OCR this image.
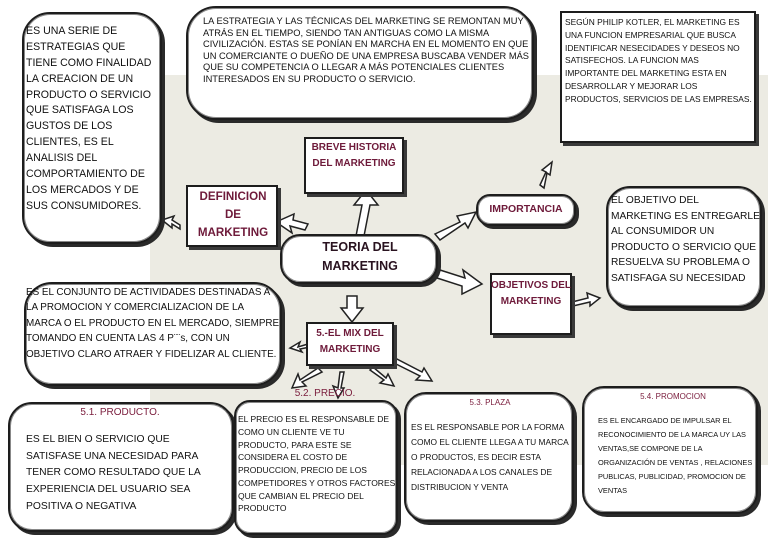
ES UNA SERIE DE ESTRATEGIAS QUE TIENE COMO FINALIDAD LA CREACION DE UN PRODUCTO O SERVICIO QUE SATISFAGA LOS GUSTOS DE LOS CLIENTES, ES EL ANALISIS DEL COMPORTAMIENTO DE LOS MERCADOS Y DE SUS CONSUMIDORES.

LA ESTRATEGIA Y LAS TÉCNICAS DEL MARKETING SE REMONTAN MUY ATRÁS EN EL TIEMPO, SIENDO TAN ANTIGUAS COMO LA MISMA CIVILIZACIÓN. ESTAS SE PONÍAN EN MARCHA EN EL MOMENTO EN QUE UN COMERCIANTE O DUEÑO DE UNA EMPRESA BUSCABA VENDER MÁS QUE SU COMPETENCIA O LLEGAR A MÁS POTENCIALES CLIENTES INTERESADOS EN SU PRODUCTO O SERVICIO.

SEGÚN PHILIP KOTLER, EL MARKETING ES UNA FUNCION EMPRESARIAL QUE BUSCA IDENTIFICAR NESECIDADES Y DESEOS NO SATISFECHOS. LA FUNCION MAS IMPORTANTE DEL MARKETING ESTA EN DESARROLLAR Y MEJORAR LOS PRODUCTOS, SERVICIOS DE LAS EMPRESAS.

BREVE HISTORIA DEL MARKETING

DEFINICION DE MARKETING

TEORIA DEL MARKETING

IMPORTANCIA

EL OBJETIVO DEL MARKETING ES ENTREGARLE AL CONSUMIDOR UN PRODUCTO O SERVICIO QUE RESUELVA SU PROBLEMA O SATISFAGA SU NECESIDAD

OBJETIVOS DEL MARKETING

ES EL CONJUNTO DE ACTIVIDADES DESTINADAS A LA PROMOCION Y COMERCIALIZACION DE LA MARCA O EL PRODUCTO EN EL MERCADO, SIEMPRE TOMANDO EN CUENTA LAS 4 P¨¨s, CON UN OBJETIVO CLARO ATRAER Y FIDELIZAR AL CLIENTE.

5.-EL MIX DEL MARKETING

5.1. PRODUCTO.

ES EL BIEN O SERVICIO QUE SATISFASE UNA NECESIDAD PARA TENER COMO RESULTADO QUE LA EXPERIENCIA DEL USUARIO SEA POSITIVA O NEGATIVA

5.2. PRECIO.

EL PRECIO ES EL RESPONSABLE DE COMO UN CLIENTE VE TU PRODUCTO, PARA ESTE SE CONSIDERA EL COSTO DE PRODUCCION, PRECIO DE LOS COMPETIDORES Y OTROS FACTORES QUE CAMBIAN EL PRECIO DEL PRODUCTO

5.3. PLAZA

ES EL RESPONSABLE POR LA FORMA COMO EL CLIENTE LLEGA A TU MARCA O PRODUCTOS, ES DECIR ESTA RELACIONADA A LOS CANALES DE DISTRIBUCION Y VENTA

5.4. PROMOCION

ES EL ENCARGADO DE IMPULSAR EL RECONOCIMIENTO DE LA MARCA UY LAS VENTAS,SE COMPONE DE LA ORGANIZACIÓN DE VENTAS , RELACIONES PUBLICAS, PUBLICIDAD, PROMOCION DE VENTAS
